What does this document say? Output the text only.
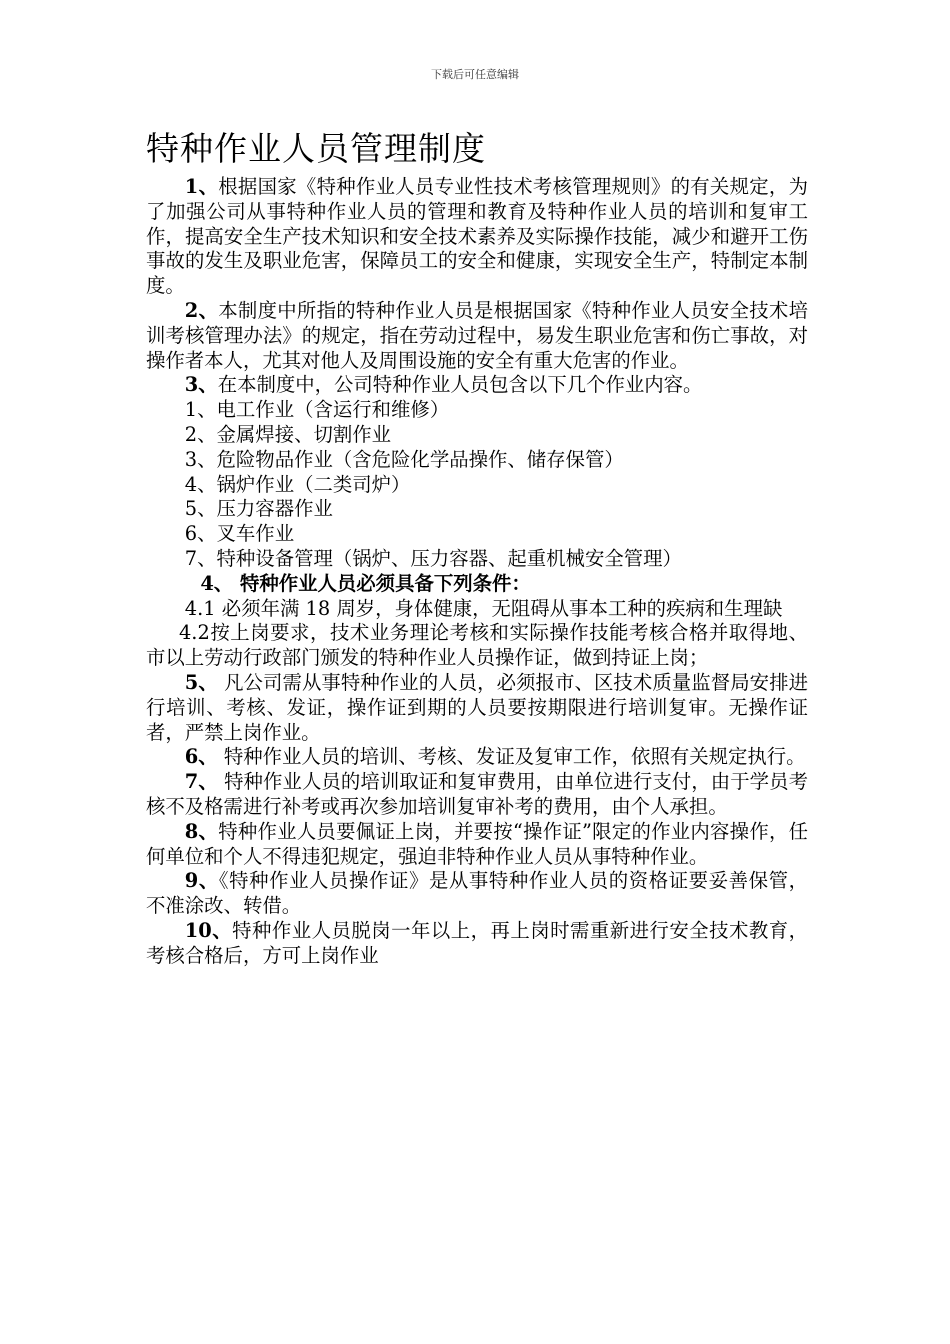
下载后可任意编辑
特种作业人员管理制度

1、根据国家《特种作业人员专业性技术考核管理规则》的有关规定，为了加强公司从事特种作业人员的管理和教育及特种作业人员的培训和复审工作，提高安全生产技术知识和安全技术素养及实际操作技能，减少和避开工伤事故的发生及职业危害，保障员工的安全和健康，实现安全生产，特制定本制度。

2、本制度中所指的特种作业人员是根据国家《特种作业人员安全技术培训考核管理办法》的规定，指在劳动过程中，易发生职业危害和伤亡事故，对操作者本人，尤其对他人及周围设施的安全有重大危害的作业。

3、在本制度中，公司特种作业人员包含以下几个作业内容。

1、电工作业（含运行和维修）

2、金属焊接、切割作业

3、危险物品作业（含危险化学品操作、储存保管）

4、锅炉作业（二类司炉）

5、压力容器作业

6、叉车作业

7、特种设备管理（锅炉、压力容器、起重机械安全管理）

4、 特种作业人员必须具备下列条件：

4.1 必须年满 18 周岁，身体健康，无阻碍从事本工种的疾病和生理缺

4.2按上岗要求，技术业务理论考核和实际操作技能考核合格并取得地、市以上劳动行政部门颁发的特种作业人员操作证，做到持证上岗；

5、 凡公司需从事特种作业的人员，必须报市、区技术质量监督局安排进行培训、考核、发证，操作证到期的人员要按期限进行培训复审。无操作证者，严禁上岗作业。

6、 特种作业人员的培训、考核、发证及复审工作，依照有关规定执行。

7、 特种作业人员的培训取证和复审费用，由单位进行支付，由于学员考核不及格需进行补考或再次参加培训复审补考的费用，由个人承担。

8、特种作业人员要佩证上岗，并要按“操作证”限定的作业内容操作，任何单位和个人不得违犯规定，强迫非特种作业人员从事特种作业。

9、《特种作业人员操作证》是从事特种作业人员的资格证要妥善保管，不准涂改、转借。

10、特种作业人员脱岗一年以上，再上岗时需重新进行安全技术教育，考核合格后，方可上岗作业
